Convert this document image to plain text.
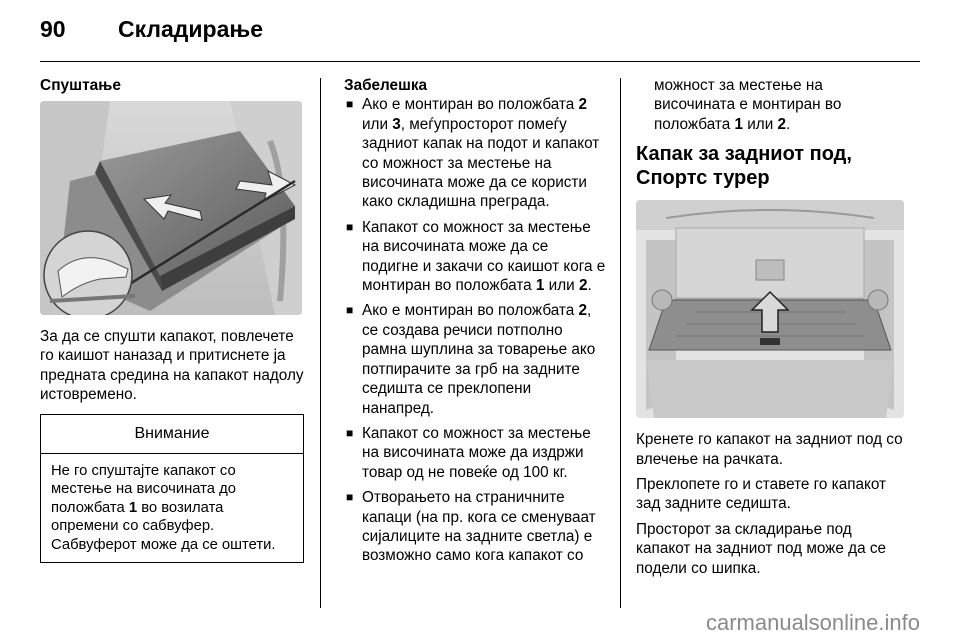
90 Складирање
Спуштање

За да се спушти капакот, повлечете го каишот наназад и притиснете ја предната средина на капакот надолу истовремено.

Внимание
Не го спуштајте капакот со местење на височината до положбата 1 во возилата опремени со сабвуфер. Сабвуферот може да се оштети.
Забелешка
■ Ако е монтиран во положбата 2 или 3, меѓупросторот помеѓу задниот капак на подот и капакот со можност за местење на височината може да се користи како складишна преграда.
■ Капакот со можност за местење на височината може да се подигне и закачи со каишот кога е монтиран во положбата 1 или 2.
■ Ако е монтиран во положбата 2, се создава речиси потполно рамна шуплина за товарење ако потпирачите за грб на задните седишта се преклопени нанапред.
■ Капакот со можност за местење на височината може да издржи товар од не повеќе од 100 кг.
■ Отворањето на страничните капаци (на пр. кога се сменуваат сијалиците на задните светла) е возможно само кога капакот со

можност за местење на височината е монтиран во положбата 1 или 2.

Капак за задниот под, Спортс турер

Кренете го капакот на задниот под со влечење на рачката.

Преклопете го и ставете го капакот зад задните седишта.

Просторот за складирање под капакот на задниот под може да се подели со шипка.

carmanualsonline.info
